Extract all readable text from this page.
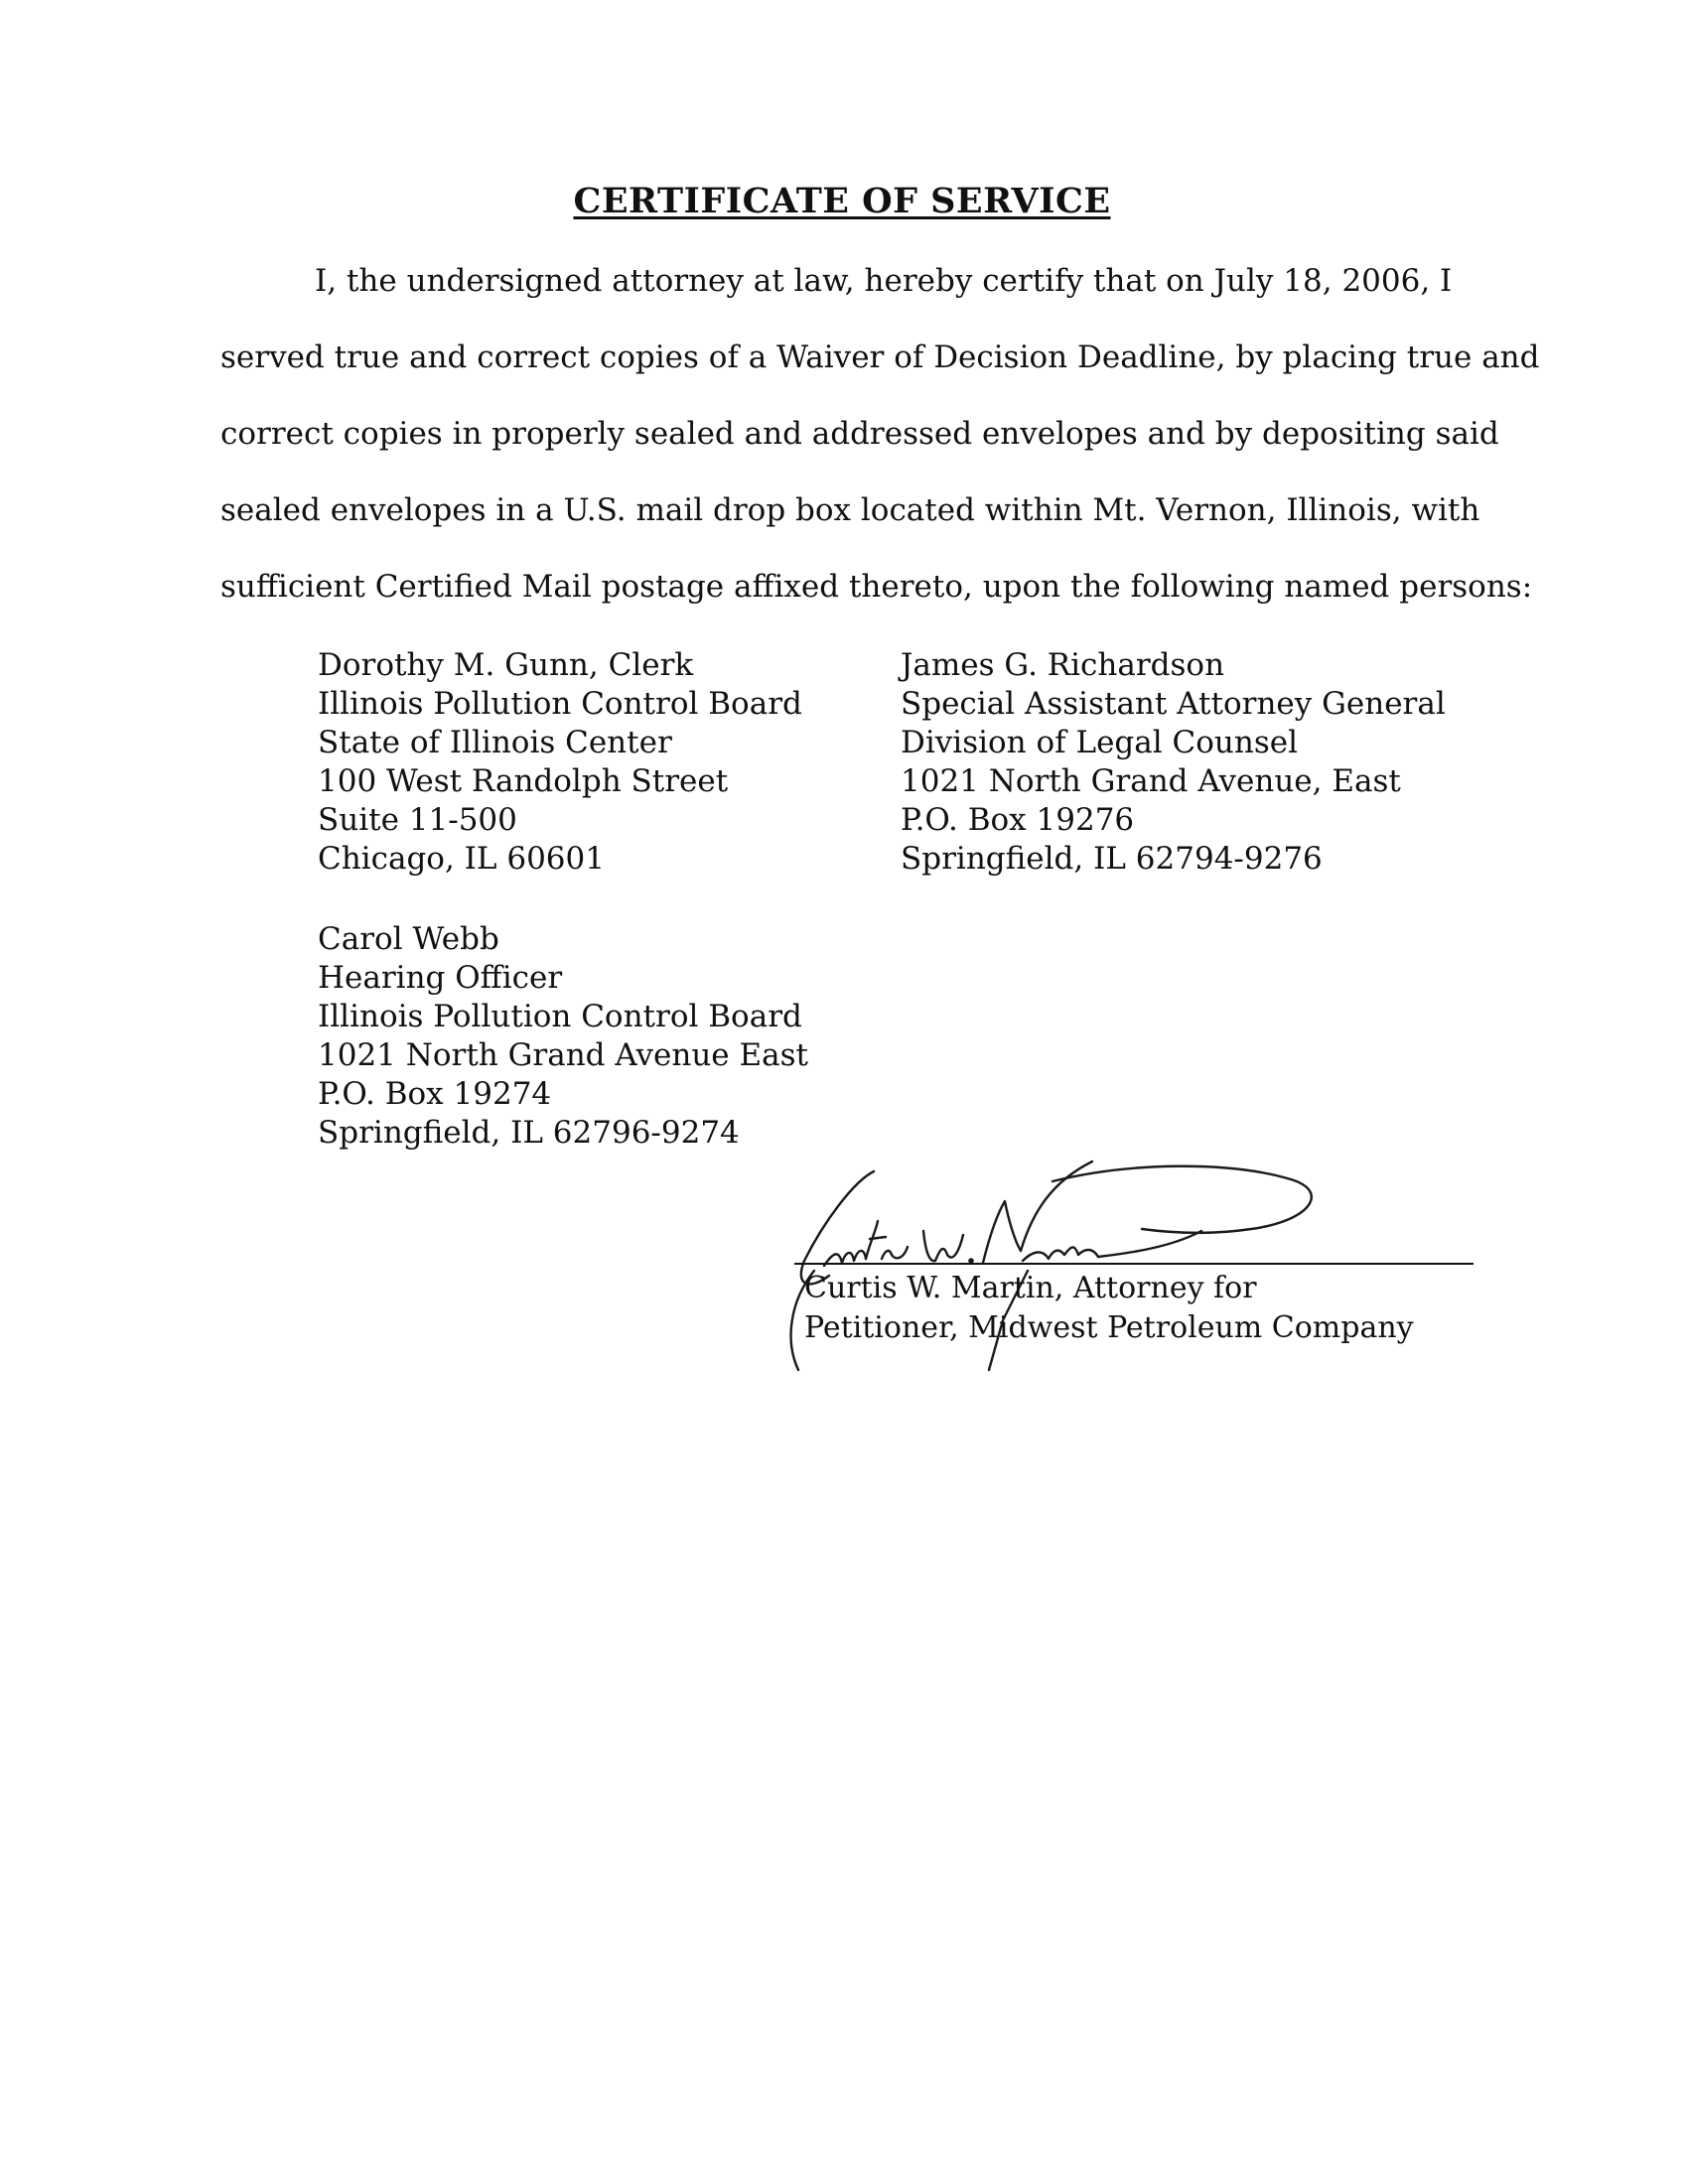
CERTIFICATE OF SERVICE
I, the undersigned attorney at law, hereby certify that on July 18, 2006, I
served true and correct copies of a Waiver of Decision Deadline, by placing true and
correct copies in properly sealed and addressed envelopes and by depositing said
sealed envelopes in a U.S. mail drop box located within Mt. Vernon, Illinois, with
sufficient Certified Mail postage affixed thereto, upon the following named persons:
Dorothy M. Gunn, Clerk
Illinois Pollution Control Board
State of Illinois Center
100 West Randolph Street
Suite 11-500
Chicago, IL 60601
James G. Richardson
Special Assistant Attorney General
Division of Legal Counsel
1021 North Grand Avenue, East
P.O. Box 19276
Springfield, IL 62794-9276
Carol Webb
Hearing Officer
Illinois Pollution Control Board
1021 North Grand Avenue East
P.O. Box 19274
Springfield, IL 62796-9274
Curtis W. Martin, Attorney for
Petitioner, Midwest Petroleum Company
